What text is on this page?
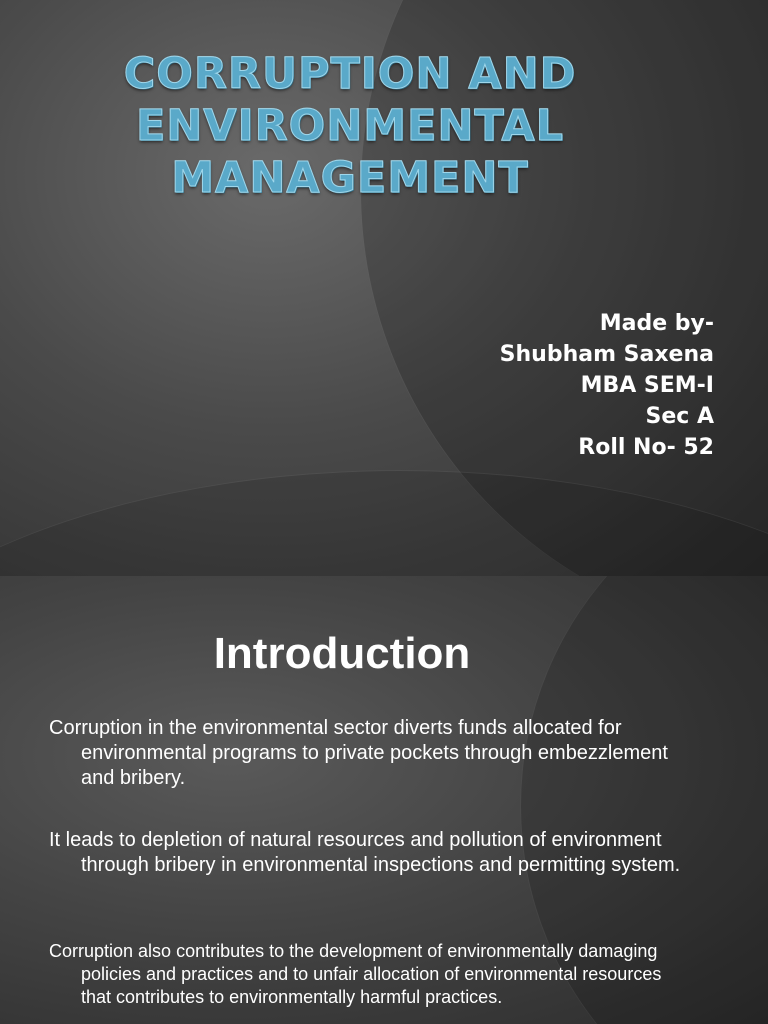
CORRUPTION AND
ENVIRONMENTAL
MANAGEMENT
Made by-
Shubham Saxena
MBA SEM-I
Sec A
Roll No- 52
Introduction
Corruption in the environmental sector diverts funds allocated for environmental programs to private pockets through embezzlement and bribery.
It leads to depletion of natural resources and pollution of environment through bribery in environmental inspections and permitting system.
Corruption also contributes to the development of environmentally damaging policies and practices and to unfair allocation of environmental resources that contributes to environmentally harmful practices.
